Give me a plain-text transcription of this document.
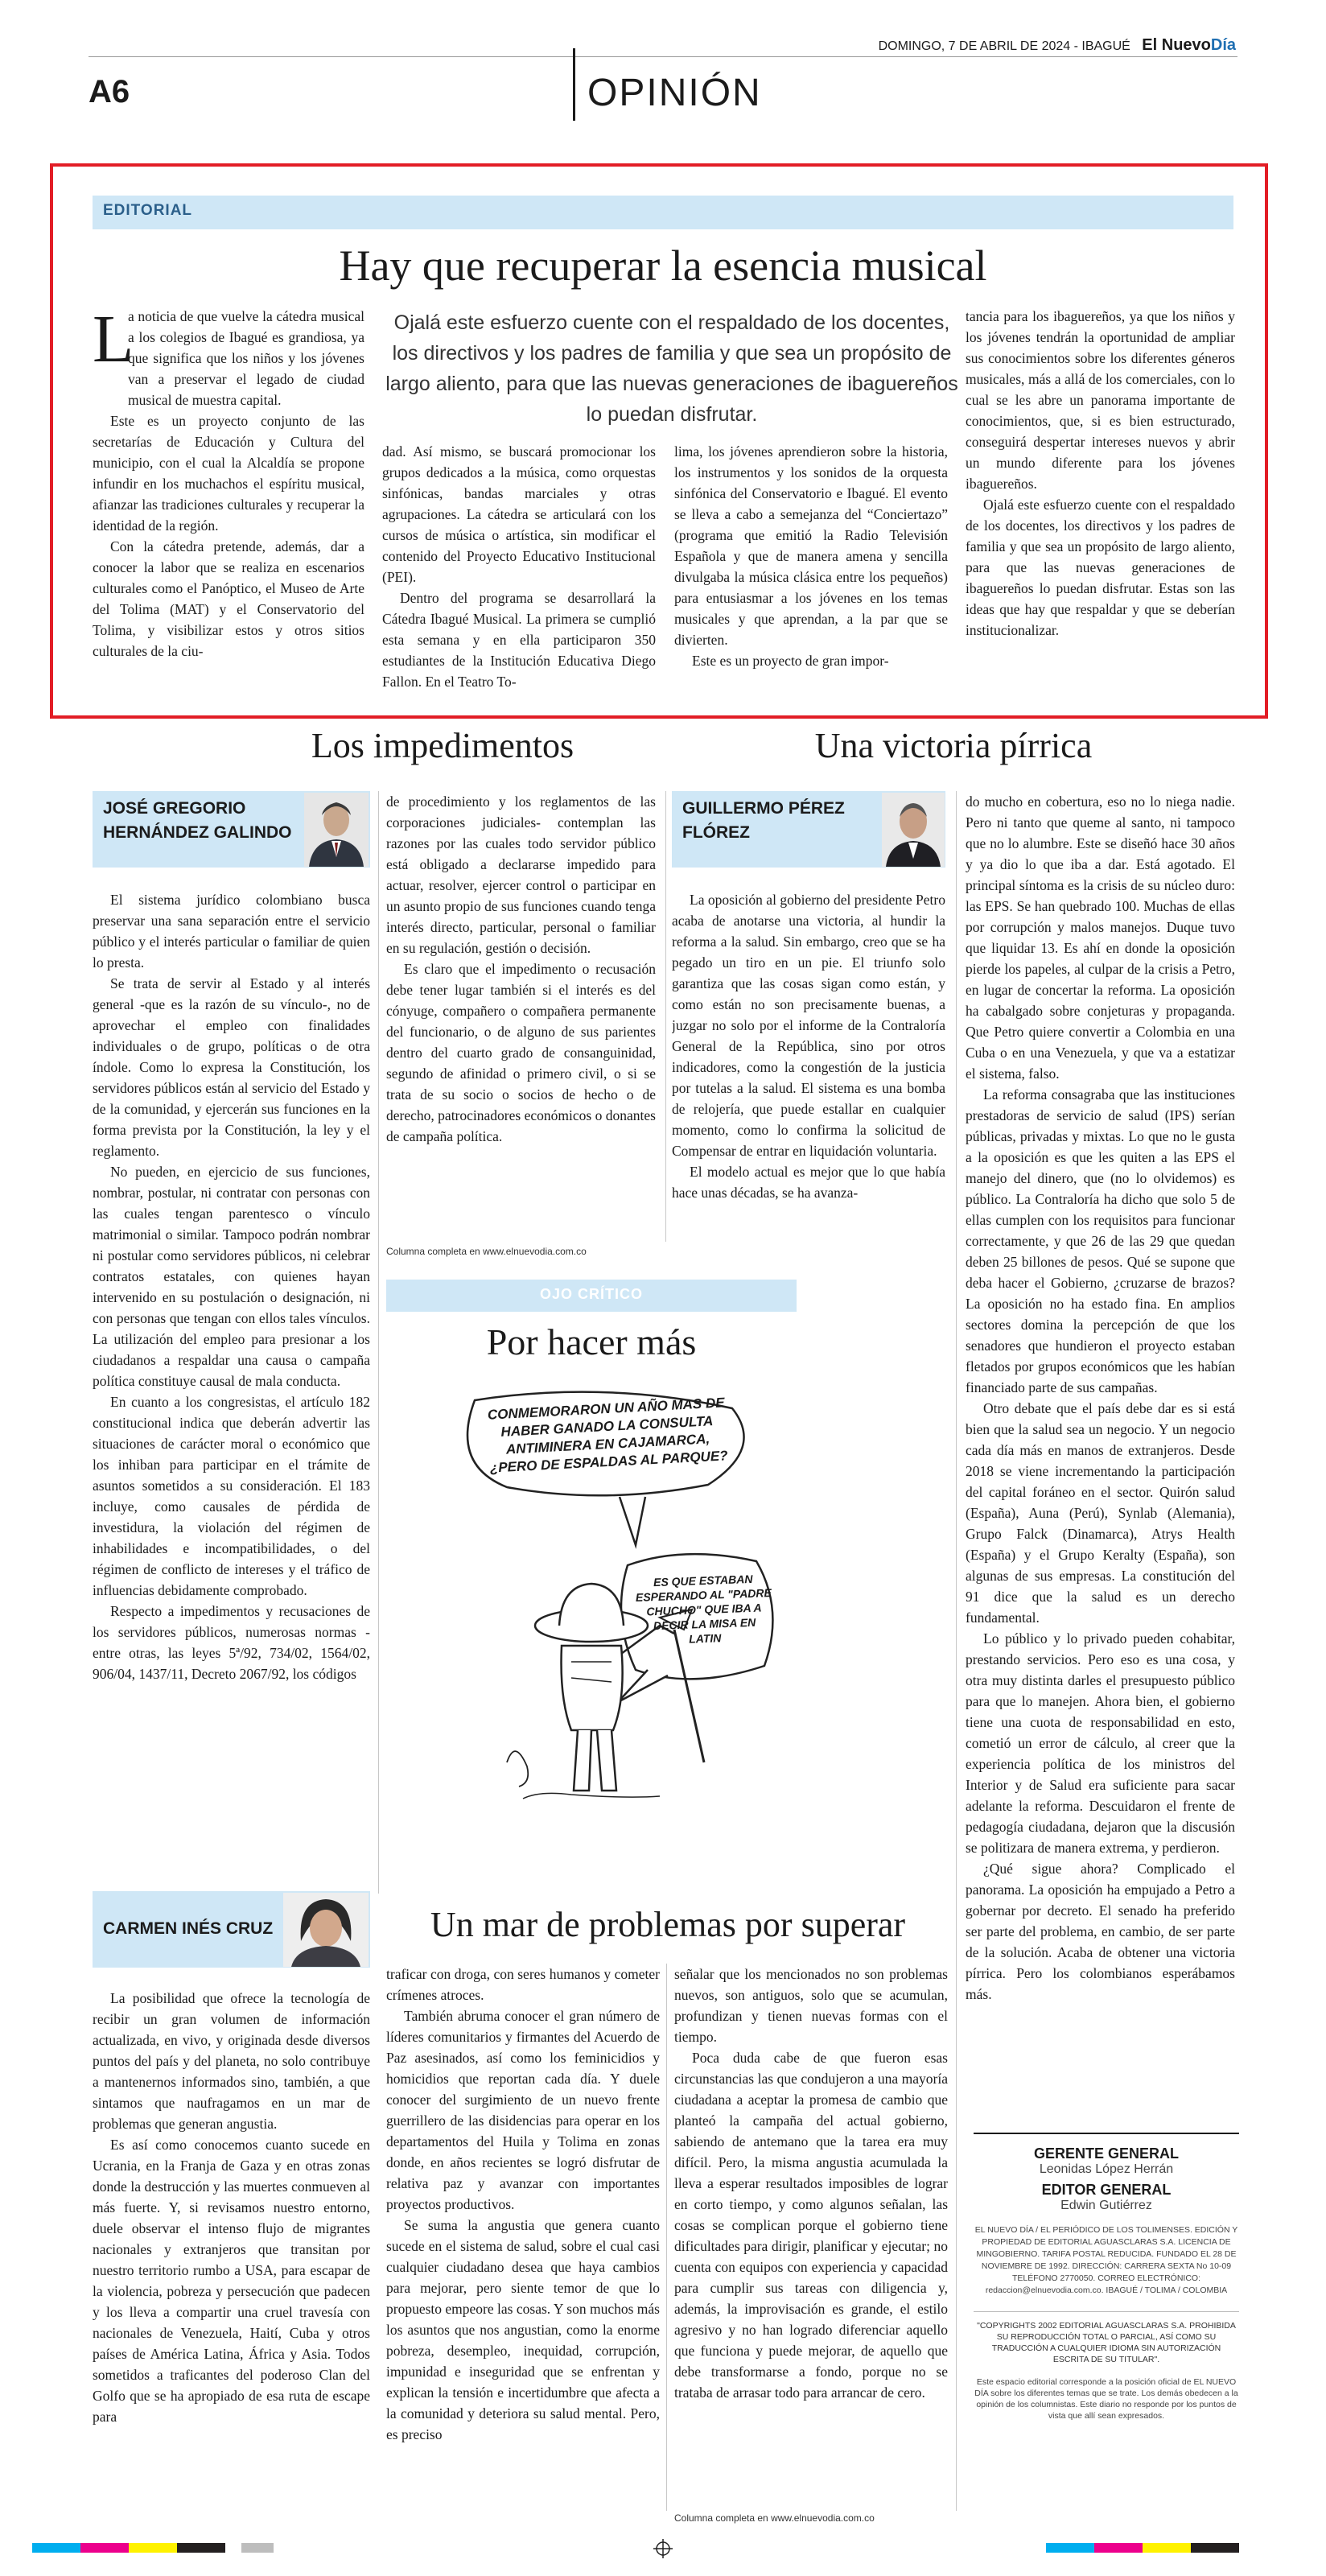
A6	OPINIÓN
DOMINGO, 7 DE ABRIL DE 2024 - IBAGUÉ El NuevoDía
EDITORIAL
Hay que recuperar la esencia musical
L

a noticia de que vuelve la cátedra musical a los colegios de Ibagué es grandiosa, ya que significa que los niños y los jóvenes van a preservar el legado de ciudad musical de muestra capital.

Este es un proyecto conjunto de las secretarías de Educación y Cultura del municipio, con el cual la Alcaldía se propone infundir en los muchachos el espíritu musical, afianzar las tradiciones culturales y recuperar la identidad de la región.

Con la cátedra pretende, además, dar a conocer la labor que se realiza en escenarios culturales como el Panóptico, el Museo de Arte del Tolima (MAT) y el Conservatorio del Tolima, y visibilizar estos y otros sitios culturales de la ciu-

Ojalá este esfuerzo cuente con el respaldado de los docentes, los directivos y los padres de familia y que sea un propósito de largo aliento, para que las nuevas generaciones de ibaguereños lo puedan disfrutar.

dad. Así mismo, se buscará promocionar los grupos dedicados a la música, como orquestas sinfónicas, bandas marciales y otras agrupaciones. La cátedra se articulará con los cursos de música o artística, sin modificar el contenido del Proyecto Educativo Institucional (PEI).

Dentro del programa se desarrollará la Cátedra Ibagué Musical. La primera se cumplió esta semana y en ella participaron 350 estudiantes de la Institución Educativa Diego Fallon. En el Teatro To-

lima, los jóvenes aprendieron sobre la historia, los instrumentos y los sonidos de la orquesta sinfónica del Conservatorio e Ibagué. El evento se lleva a cabo a semejanza del “Conciertazo” (programa que emitió la Radio Televisión Española y que de manera amena y sencilla divulgaba la música clásica entre los pequeños) para entusiasmar a los jóvenes en los temas musicales y que aprendan, a la par que se divierten.

Este es un proyecto de gran impor-

tancia para los ibaguereños, ya que los niños y los jóvenes tendrán la oportunidad de ampliar sus conocimientos sobre los diferentes géneros musicales, más a allá de los comerciales, con lo cual se les abre un panorama importante de conocimientos, que, si es bien estructurado, conseguirá despertar intereses nuevos y abrir un mundo diferente para los jóvenes ibaguereños.

Ojalá este esfuerzo cuente con el respaldado de los docentes, los directivos y los padres de familia y que sea un propósito de largo aliento, para que las nuevas generaciones de ibaguereños lo puedan disfrutar. Estas son las ideas que hay que respaldar y que se deberían institucionalizar.

Los impedimentos
JOSÉ GREGORIO HERNÁNDEZ GALINDO

El sistema jurídico colombiano busca preservar una sana separación entre el servicio público y el interés particular o familiar de quien lo presta.

Se trata de servir al Estado y al interés general -que es la razón de su vínculo-, no de aprovechar el empleo con finalidades individuales o de grupo, políticas o de otra índole. Como lo expresa la Constitución, los servidores públicos están al servicio del Estado y de la comunidad, y ejercerán sus funciones en la forma prevista por la Constitución, la ley y el reglamento.

No pueden, en ejercicio de sus funciones, nombrar, postular, ni contratar con personas con las cuales tengan parentesco o vínculo matrimonial o similar. Tampoco podrán nombrar ni postular como servidores públicos, ni celebrar contratos estatales, con quienes hayan intervenido en su postulación o designación, ni con personas que tengan con ellos tales vínculos. La utilización del empleo para presionar a los ciudadanos a respaldar una causa o campaña política constituye causal de mala conducta.

En cuanto a los congresistas, el artículo 182 constitucional indica que deberán advertir las situaciones de carácter moral o económico que los inhiban para participar en el trámite de asuntos sometidos a su consideración. El 183 incluye, como causales de pérdida de investidura, la violación del régimen de inhabilidades e incompatibilidades, o del régimen de conflicto de intereses y el tráfico de influencias debidamente comprobado.

Respecto a impedimentos y recusaciones de los servidores públicos, numerosas normas -entre otras, las leyes 5ª/92, 734/02, 1564/02, 906/04, 1437/11, Decreto 2067/92, los códigos

de procedimiento y los reglamentos de las corporaciones judiciales- contemplan las razones por las cuales todo servidor público está obligado a declararse impedido para actuar, resolver, ejercer control o participar en un asunto propio de sus funciones cuando tenga interés directo, particular, personal o familiar en su regulación, gestión o decisión.

Es claro que el impedimento o recusación debe tener lugar también si el interés es del cónyuge, compañero o compañera permanente del funcionario, o de alguno de sus parientes dentro del cuarto grado de consanguinidad, segundo de afinidad o primero civil, o si se trata de su socio o socios de hecho o de derecho, patrocinadores económicos o donantes de campaña política.

Columna completa en www.elnuevodia.com.co
OJO CRÍTICO
Por hacer más
CONMEMORARON UN AÑO MAS DE HABER GANADO LA CONSULTA ANTIMINERA EN CAJAMARCA, ¿PERO DE ESPALDAS AL PARQUE?
ES QUE ESTABAN ESPERANDO AL "PADRE CHUCHO" QUE IBA A DECIR LA MISA EN LATIN
Una victoria pírrica
GUILLERMO PÉREZ FLÓREZ

La oposición al gobierno del presidente Petro acaba de anotarse una victoria, al hundir la reforma a la salud. Sin embargo, creo que se ha pegado un tiro en un pie. El triunfo solo garantiza que las cosas sigan como están, y como están no son precisamente buenas, a juzgar no solo por el informe de la Contraloría General de la República, sino por otros indicadores, como la congestión de la justicia por tutelas a la salud. El sistema es una bomba de relojería, que puede estallar en cualquier momento, como lo confirma la solicitud de Compensar de entrar en liquidación voluntaria.

El modelo actual es mejor que lo que había hace unas décadas, se ha avanza-

do mucho en cobertura, eso no lo niega nadie. Pero ni tanto que queme al santo, ni tampoco que no lo alumbre. Este se diseñó hace 30 años y ya dio lo que iba a dar. Está agotado. El principal síntoma es la crisis de su núcleo duro: las EPS. Se han quebrado 100. Muchas de ellas por corrupción y malos manejos. Duque tuvo que liquidar 13. Es ahí en donde la oposición pierde los papeles, al culpar de la crisis a Petro, en lugar de concertar la reforma. La oposición ha cabalgado sobre conjeturas y propaganda. Que Petro quiere convertir a Colombia en una Cuba o en una Venezuela, y que va a estatizar el sistema, falso.

La reforma consagraba que las instituciones prestadoras de servicio de salud (IPS) serían públicas, privadas y mixtas. Lo que no le gusta a la oposición es que les quiten a las EPS el manejo del dinero, que (no lo olvidemos) es público. La Contraloría ha dicho que solo 5 de ellas cumplen con los requisitos para funcionar correctamente, y que 26 de las 29 que quedan deben 25 billones de pesos. Qué se supone que deba hacer el Gobierno, ¿cruzarse de brazos? La oposición no ha estado fina. En amplios sectores domina la percepción de que los senadores que hundieron el proyecto estaban fletados por grupos económicos que les habían financiado parte de sus campañas.

Otro debate que el país debe dar es si está bien que la salud sea un negocio. Y un negocio cada día más en manos de extranjeros. Desde 2018 se viene incrementando la participación del capital foráneo en el sector. Quirón salud (España), Auna (Perú), Synlab (Alemania), Grupo Falck (Dinamarca), Atrys Health (España) y el Grupo Keralty (España), son algunas de sus empresas. La constitución del 91 dice que la salud es un derecho fundamental.

Lo público y lo privado pueden cohabitar, prestando servicios. Pero eso es una cosa, y otra muy distinta darles el presupuesto público para que lo manejen. Ahora bien, el gobierno tiene una cuota de responsabilidad en esto, cometió un error de cálculo, al creer que la experiencia política de los ministros del Interior y de Salud era suficiente para sacar adelante la reforma. Descuidaron el frente de pedagogía ciudadana, dejaron que la discusión se politizara de manera extrema, y perdieron.

¿Qué sigue ahora? Complicado el panorama. La oposición ha empujado a Petro a gobernar por decreto. El senado ha preferido ser parte del problema, en cambio, de ser parte de la solución. Acaba de obtener una victoria pírrica. Pero los colombianos esperábamos más.

Un mar de problemas por superar
CARMEN INÉS CRUZ

La posibilidad que ofrece la tecnología de recibir un gran volumen de información actualizada, en vivo, y originada desde diversos puntos del país y del planeta, no solo contribuye a mantenernos informados sino, también, a que sintamos que naufragamos en un mar de problemas que generan angustia.

Es así como conocemos cuanto sucede en Ucrania, en la Franja de Gaza y en otras zonas donde la destrucción y las muertes conmueven al más fuerte. Y, si revisamos nuestro entorno, duele observar el intenso flujo de migrantes nacionales y extranjeros que transitan por nuestro territorio rumbo a USA, para escapar de la violencia, pobreza y persecución que padecen y los lleva a compartir una cruel travesía con nacionales de Venezuela, Haití, Cuba y otros países de América Latina, África y Asia. Todos sometidos a traficantes del poderoso Clan del Golfo que se ha apropiado de esa ruta de escape para

traficar con droga, con seres humanos y cometer crímenes atroces.

También abruma conocer el gran número de líderes comunitarios y firmantes del Acuerdo de Paz asesinados, así como los feminicidios y homicidios que reportan cada día. Y duele conocer del surgimiento de un nuevo frente guerrillero de las disidencias para operar en los departamentos del Huila y Tolima en zonas donde, en años recientes se logró disfrutar de relativa paz y avanzar con importantes proyectos productivos.

Se suma la angustia que genera cuanto sucede en el sistema de salud, sobre el cual casi cualquier ciudadano desea que haya cambios para mejorar, pero siente temor de que lo propuesto empeore las cosas. Y son muchos más los asuntos que nos angustian, como la enorme pobreza, desempleo, inequidad, corrupción, impunidad e inseguridad que se enfrentan y explican la tensión e incertidumbre que afecta a la comunidad y deteriora su salud mental. Pero, es preciso

señalar que los mencionados no son problemas nuevos, son antiguos, solo que se acumulan, profundizan y tienen nuevas formas con el tiempo.

Poca duda cabe de que fueron esas circunstancias las que condujeron a una mayoría ciudadana a aceptar la promesa de cambio que planteó la campaña del actual gobierno, sabiendo de antemano que la tarea era muy difícil. Pero, la misma angustia acumulada la lleva a esperar resultados imposibles de lograr en corto tiempo, y como algunos señalan, las cosas se complican porque el gobierno tiene dificultades para dirigir, planificar y ejecutar; no cuenta con equipos con experiencia y capacidad para cumplir sus tareas con diligencia y, además, la improvisación es grande, el estilo agresivo y no han logrado diferenciar aquello que funciona y puede mejorar, de aquello que debe transformarse a fondo, porque no se trataba de arrasar todo para arrancar de cero.

Columna completa en www.elnuevodia.com.co
GERENTE GENERAL
Leonidas López Herrán
EDITOR GENERAL
Edwin Gutiérrez
EL NUEVO DÍA / EL PERIÓDICO DE LOS TOLIMENSES. EDICIÓN Y PROPIEDAD DE EDITORIAL AGUASCLARAS S.A. LICENCIA DE MINGOBIERNO. TARIFA POSTAL REDUCIDA. FUNDADO EL 28 DE NOVIEMBRE DE 1992. DIRECCIÓN: CARRERA SEXTA No 10-09 TELÉFONO 2770050. CORREO ELECTRÓNICO: redaccion@elnuevodia.com.co. IBAGUÉ / TOLIMA / COLOMBIA
"COPYRIGHTS 2002 EDITORIAL AGUASCLARAS S.A. PROHIBIDA SU REPRODUCCIÓN TOTAL O PARCIAL, ASÍ COMO SU TRADUCCIÓN A CUALQUIER IDIOMA SIN AUTORIZACIÓN ESCRITA DE SU TITULAR".
Este espacio editorial corresponde a la posición oficial de EL NUEVO DÍA sobre los diferentes temas que se trate. Los demás obedecen a la opinión de los columnistas. Este diario no responde por los puntos de vista que allí sean expresados.
